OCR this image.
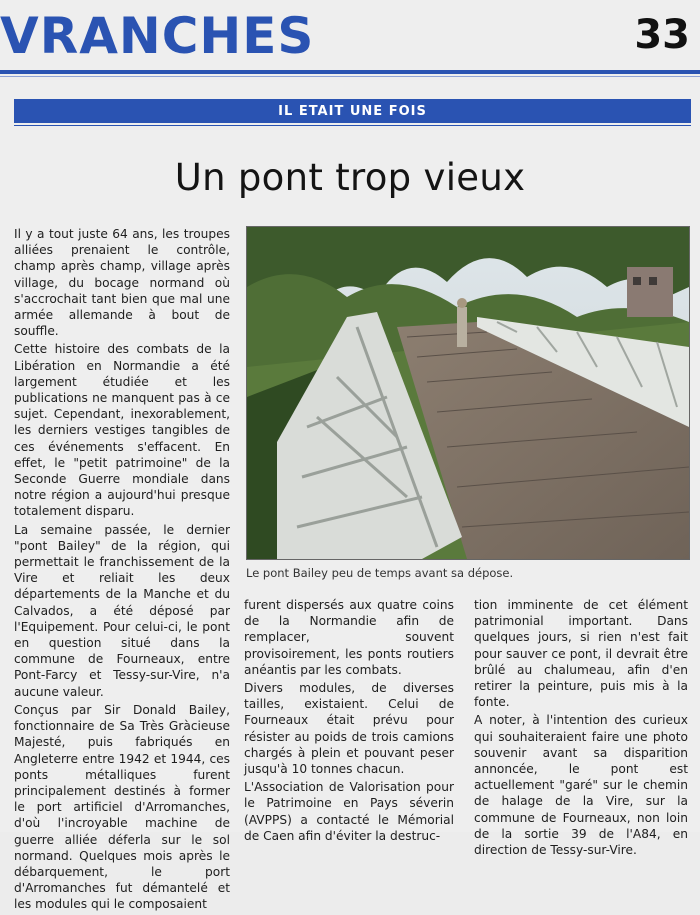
VRANCHES	33
IL ETAIT UNE FOIS
Un pont trop vieux

Il y a tout juste 64 ans, les troupes alliées prenaient le contrôle, champ après champ, village après village, du bocage normand où s'accrochait tant bien que mal une armée allemande à bout de souffle.

Cette histoire des combats de la Libération en Normandie a été largement étudiée et les publications ne manquent pas à ce sujet. Cependant, inexorablement, les derniers vestiges tangibles de ces événements s'effacent. En effet, le "petit patrimoine" de la Seconde Guerre mondiale dans notre région a aujourd'hui presque totalement disparu.

La semaine passée, le dernier "pont Bailey" de la région, qui permettait le franchissement de la Vire et reliait les deux départements de la Manche et du Calvados, a été déposé par l'Equipement. Pour celui-ci, le pont en question situé dans la commune de Fourneaux, entre Pont-Farcy et Tessy-sur-Vire, n'a aucune valeur.

Conçus par Sir Donald Bailey, fonctionnaire de Sa Très Gràcieuse Majesté, puis fabriqués en Angleterre entre 1942 et 1944, ces ponts métalliques furent principalement destinés à former le port artificiel d'Arromanches, d'où l'incroyable machine de guerre alliée déferla sur le sol normand. Quelques mois après le débarquement, le port d'Arromanches fut démantelé et les modules qui le composaient

Le pont Bailey peu de temps avant sa dépose.

furent dispersés aux quatre coins de la Normandie afin de remplacer, souvent provisoirement, les ponts routiers anéantis par les combats.

Divers modules, de diverses tailles, existaient. Celui de Fourneaux était prévu pour résister au poids de trois camions chargés à plein et pouvant peser jusqu'à 10 tonnes chacun.

L'Association de Valorisation pour le Patrimoine en Pays séverin (AVPPS) a contacté le Mémorial de Caen afin d'éviter la destruc-

tion imminente de cet élément patrimonial important. Dans quelques jours, si rien n'est fait pour sauver ce pont, il devrait être brûlé au chalumeau, afin d'en retirer la peinture, puis mis à la fonte.

A noter, à l'intention des curieux qui souhaiteraient faire une photo souvenir avant sa disparition annoncée, le pont est actuellement "garé" sur le chemin de halage de la Vire, sur la commune de Fourneaux, non loin de la sortie 39 de l'A84, en direction de Tessy-sur-Vire.
